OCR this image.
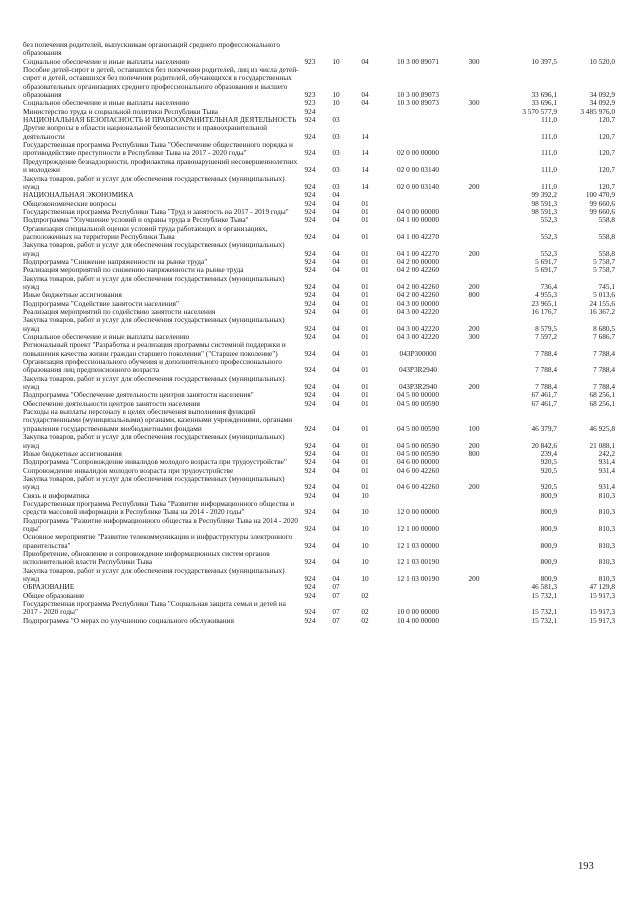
без попечения родителей, выпускникам организаций среднего профессионального образования							
Социальное обеспечение и иные выплаты населению	923	10	04	10 3 00 89071	300	10 397,5	10 520,0
Пособие детей-сирот и детей, оставшихся без попечения родителей, лиц из числа детей-сирот и детей, оставшихся без попечения родителей, обучающихся в государственных образовательных организациях среднего профессионального образования и высшего образования	923	10	04	10 3 00 89073		33 696,1	34 092,9
Социальное обеспечение и иные выплаты населению	923	10	04	10 3 00 89073	300	33 696,1	34 092,9
Министерство труда и социальной политики Республики Тыва	924					3 570 577,9	3 485 976,0
НАЦИОНАЛЬНАЯ БЕЗОПАСНОСТЬ И ПРАВООХРАНИТЕЛЬНАЯ ДЕЯТЕЛЬНОСТЬ	924	03				111,0	120,7
Другие вопросы в области национальной безопасности и правоохранительной деятельности	924	03	14			111,0	120,7
Государственная программа Республики Тыва "Обеспечение общественного порядка и противодействие преступности в Республике Тыва на 2017 - 2020 годы"	924	03	14	02 0 00 00000		111,0	120,7
Предупреждение безнадзорности, профилактика правонарушений несовершеннолетних и молодежи	924	03	14	02 0 00 03140		111,0	120,7
Закупка товаров, работ и услуг для обеспечения государственных (муниципальных) нужд	924	03	14	02 0 00 03140	200	111,0	120,7
НАЦИОНАЛЬНАЯ ЭКОНОМИКА	924	04				99 392,2	100 470,9
Общеэкономические вопросы	924	04	01			98 591,3	99 660,6
Государственная программа Республики Тыва "Труд и занятость на 2017 - 2019 годы"	924	04	01	04 0 00 00000		98 591,3	99 660,6
Подпрограмма "Улучшение условий и охраны труда в Республике Тыва"	924	04	01	04 1 00 00000		552,3	558,8
Организация специальной оценки условий труда работающих в организациях, расположенных на территории Республики Тыва	924	04	01	04 1 00 42270		552,3	558,8
Закупка товаров, работ и услуг для обеспечения государственных (муниципальных) нужд	924	04	01	04 1 00 42270	200	552,3	558,8
Подпрограмма "Снижение напряженности на рынке труда"	924	04	01	04 2 00 00000		5 691,7	5 758,7
Реализация мероприятий по снижению напряженности на рынке труда	924	04	01	04 2 00 42260		5 691,7	5 758,7
Закупка товаров, работ и услуг для обеспечения государственных (муниципальных) нужд	924	04	01	04 2 00 42260	200	736,4	745,1
Иные бюджетные ассигнования	924	04	01	04 2 00 42260	800	4 955,3	5 013,6
Подпрограмма "Содействие занятости населения"	924	04	01	04 3 00 00000		23 965,1	24 155,6
Реализация мероприятий по содействию занятости населения	924	04	01	04 3 00 42220		16 176,7	16 367,2
Закупка товаров, работ и услуг для обеспечения государственных (муниципальных) нужд	924	04	01	04 3 00 42220	200	8 579,5	8 680,5
Социальное обеспечение и иные выплаты населению	924	04	01	04 3 00 42220	300	7 597,2	7 686,7
Региональный проект "Разработка и реализация программы системной поддержки и повышения качества жизни граждан старшего поколения" ("Старшее поколение")	924	04	01	043P300000		7 788,4	7 788,4
Организация профессионального обучения и дополнительного профессионального образования лиц предпенсионного возраста	924	04	01	043P3R2940		7 788,4	7 788,4
Закупка товаров, работ и услуг для обеспечения государственных (муниципальных) нужд	924	04	01	043P3R2940	200	7 788,4	7 788,4
Подпрограмма "Обеспечение деятельности центров занятости населения"	924	04	01	04 5 00 00000		67 461,7	68 256,1
Обеспечение деятельности центров занятости населения	924	04	01	04 5 00 00590		67 461,7	68 256,1
Расходы на выплаты персоналу в целях обеспечения выполнения функций государственными (муниципальными) органами, казенными учреждениями, органами управления государственными внебюджетными фондами	924	04	01	04 5 00 00590	100	46 379,7	46 925,8
Закупка товаров, работ и услуг для обеспечения государственных (муниципальных) нужд	924	04	01	04 5 00 00590	200	20 842,6	21 088,1
Иные бюджетные ассигнования	924	04	01	04 5 00 00590	800	239,4	242,2
Подпрограмма "Сопровождение инвалидов молодого возраста при трудоустройстве"	924	04	01	04 6 00 00000		920,5	931,4
Сопровождение инвалидов молодого возраста при трудоустройстве	924	04	01	04 6 00 42260		920,5	931,4
Закупка товаров, работ и услуг для обеспечения государственных (муниципальных) нужд	924	04	01	04 6 00 42260	200	920,5	931,4
Связь и информатика	924	04	10			800,9	810,3
Государственная программа Республики Тыва "Развитие информационного общества и средств массовой информации в Республике Тыва на 2014 - 2020 годы"	924	04	10	12 0 00 00000		800,9	810,3
Подпрограмма "Развитие информационного общества в Республике Тыва на 2014 - 2020 годы"	924	04	10	12 1 00 00000		800,9	810,3
Основное мероприятие "Развитие телекоммуникации и инфраструктуры электронного правительства"	924	04	10	12 1 03 00000		800,9	810,3
Приобретение, обновление и сопровождение информационных систем органов исполнительной власти Республики Тыва	924	04	10	12 1 03 00190		800,9	810,3
Закупка товаров, работ и услуг для обеспечения государственных (муниципальных) нужд	924	04	10	12 1 03 00190	200	800,9	810,3
ОБРАЗОВАНИЕ	924	07				46 581,3	47 129,8
Общее образование	924	07	02			15 732,1	15 917,3
Государственная программа Республики Тыва "Социальная защита семьи и детей на 2017 - 2020 годы"	924	07	02	10 0 00 00000		15 732,1	15 917,3
Подпрограмма "О мерах по улучшению социального обслуживания	924	07	02	10 4 00 00000		15 732,1	15 917,3
193
